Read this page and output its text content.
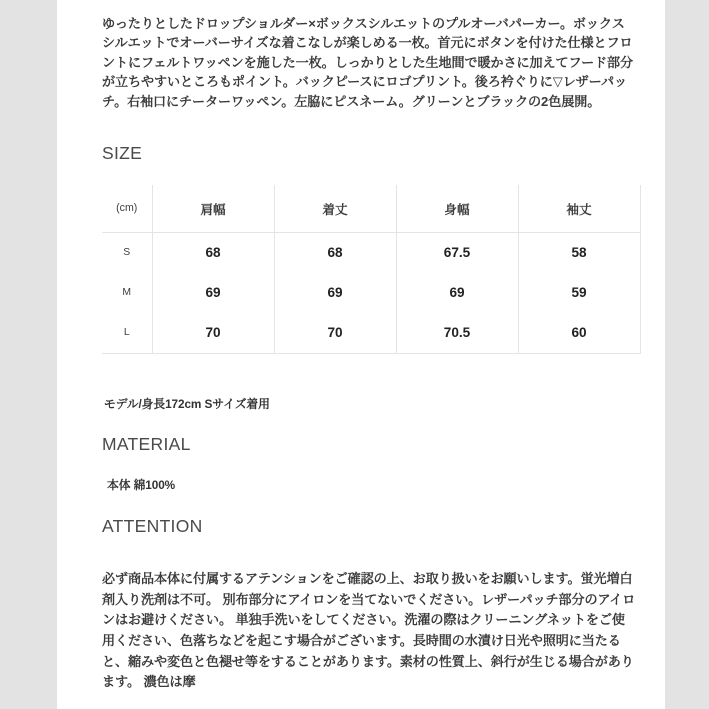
ゆったりとしたドロップショルダー×ボックスシルエットのプルオーバパーカー。ボックスシルエットでオーバーサイズな着こなしが楽しめる一枚。首元にボタンを付けた仕様とフロントにフェルトワッペンを施した一枚。しっかりとした生地間で暖かさに加えてフード部分が立ちやすいところもポイント。バックピースにロゴプリント。後ろ衿ぐりに▽レザーパッチ。右袖口にチーターワッペン。左脇にピスネーム。グリーンとブラックの2色展開。

SIZE
(cm)	肩幅	着丈	身幅	袖丈
S	68	68	67.5	58
M	69	69	69	59
L	70	70	70.5	60

モデル/身長172cm Sサイズ着用

MATERIAL

本体 綿100%

ATTENTION

必ず商品本体に付属するアテンションをご確認の上、お取り扱いをお願いします。蛍光増白剤入り洗剤は不可。 別布部分にアイロンを当てないでください。レザーパッチ部分のアイロンはお避けください。 単独手洗いをしてください。洗濯の際はクリーニングネットをご使用ください、色落ちなどを起こす場合がございます。長時間の水漬け日光や照明に当たると、縮みや変色と色褪せ等をすることがあります。素材の性質上、斜行が生じる場合があります。 濃色は摩
